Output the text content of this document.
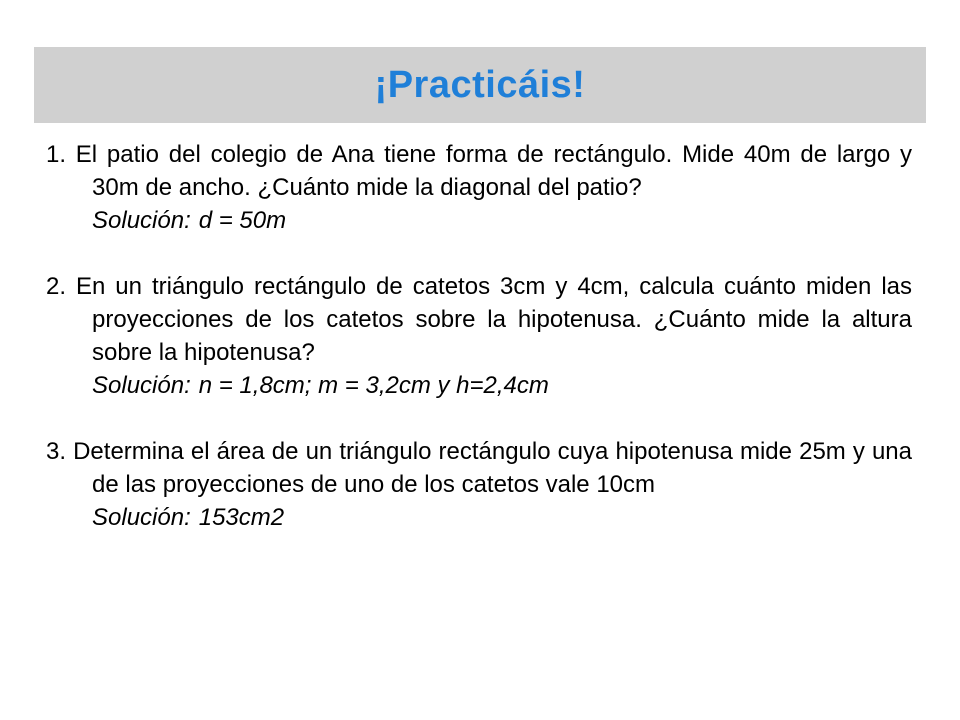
¡Practicáis!

1. El patio del colegio de Ana tiene forma de rectángulo. Mide 40m de largo y 30m de ancho. ¿Cuánto mide la diagonal del patio?

Solución: d = 50m

2. En un triángulo rectángulo de catetos 3cm y 4cm, calcula cuánto miden las proyecciones de los catetos sobre la hipotenusa. ¿Cuánto mide la altura sobre la hipotenusa?

Solución: n = 1,8cm; m = 3,2cm y h=2,4cm

3. Determina el área de un triángulo rectángulo cuya hipotenusa mide 25m y una de las proyecciones de uno de los catetos vale 10cm

Solución: 153cm2
